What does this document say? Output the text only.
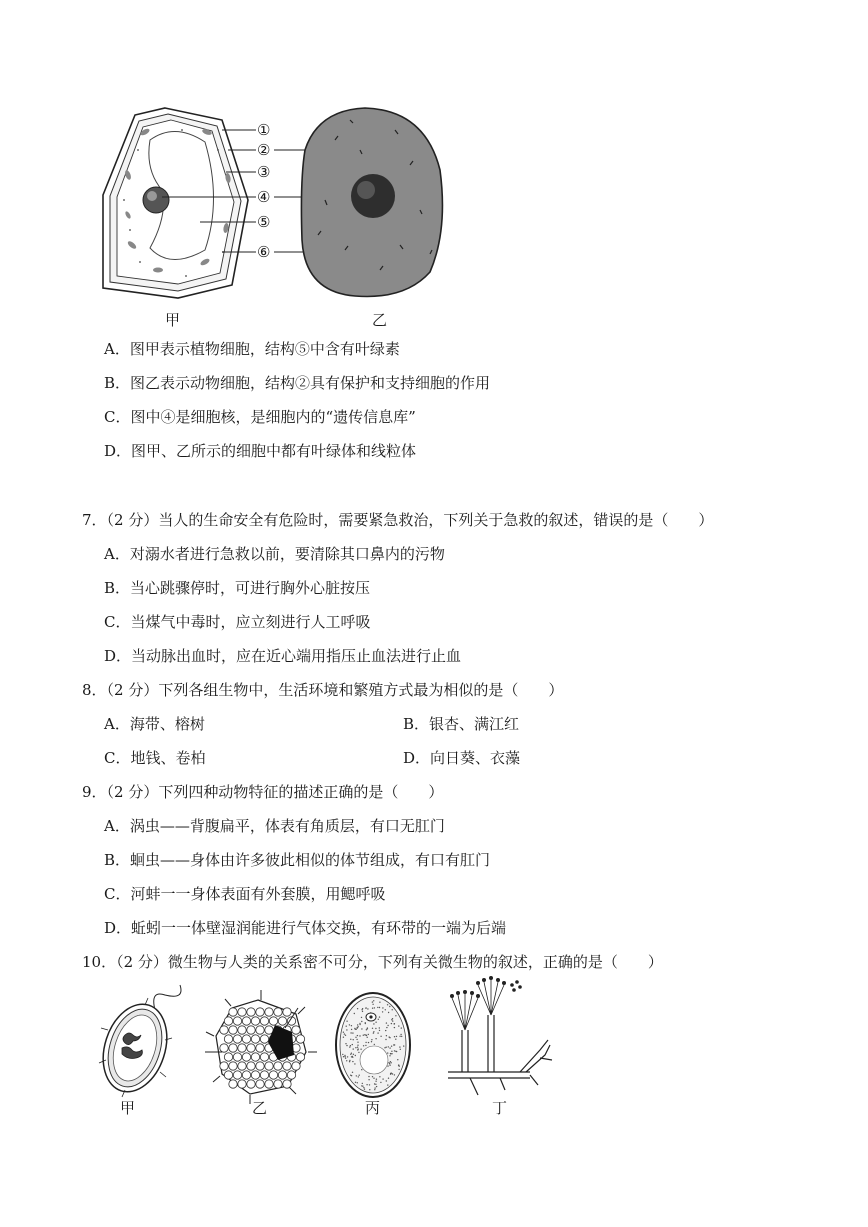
①
②
③
④
⑤
⑥
甲	乙
A．图甲表示植物细胞，结构⑤中含有叶绿素
B．图乙表示动物细胞，结构②具有保护和支持细胞的作用
C．图中④是细胞核，是细胞内的“遗传信息库”
D．图甲、乙所示的细胞中都有叶绿体和线粒体
7．（2 分）当人的生命安全有危险时，需要紧急救治，下列关于急救的叙述，错误的是（　　）
A．对溺水者进行急救以前，要清除其口鼻内的污物
B．当心跳骤停时，可进行胸外心脏按压
C．当煤气中毒时，应立刻进行人工呼吸
D．当动脉出血时，应在近心端用指压止血法进行止血
8．（2 分）下列各组生物中，生活环境和繁殖方式最为相似的是（　　）
A．海带、榕树	B．银杏、满江红
C．地钱、卷柏	D．向日葵、衣藻
9．（2 分）下列四种动物特征的描述正确的是（　　）
A．涡虫——背腹扁平，体表有角质层，有口无肛门
B．蛔虫——身体由许多彼此相似的体节组成，有口有肛门
C．河蚌一一身体表面有外套膜，用鳃呼吸
D．蚯蚓一一体壁湿润能进行气体交换，有环带的一端为后端
10．（2 分）微生物与人类的关系密不可分，下列有关微生物的叙述，正确的是（　　）
甲	乙	丙	丁
